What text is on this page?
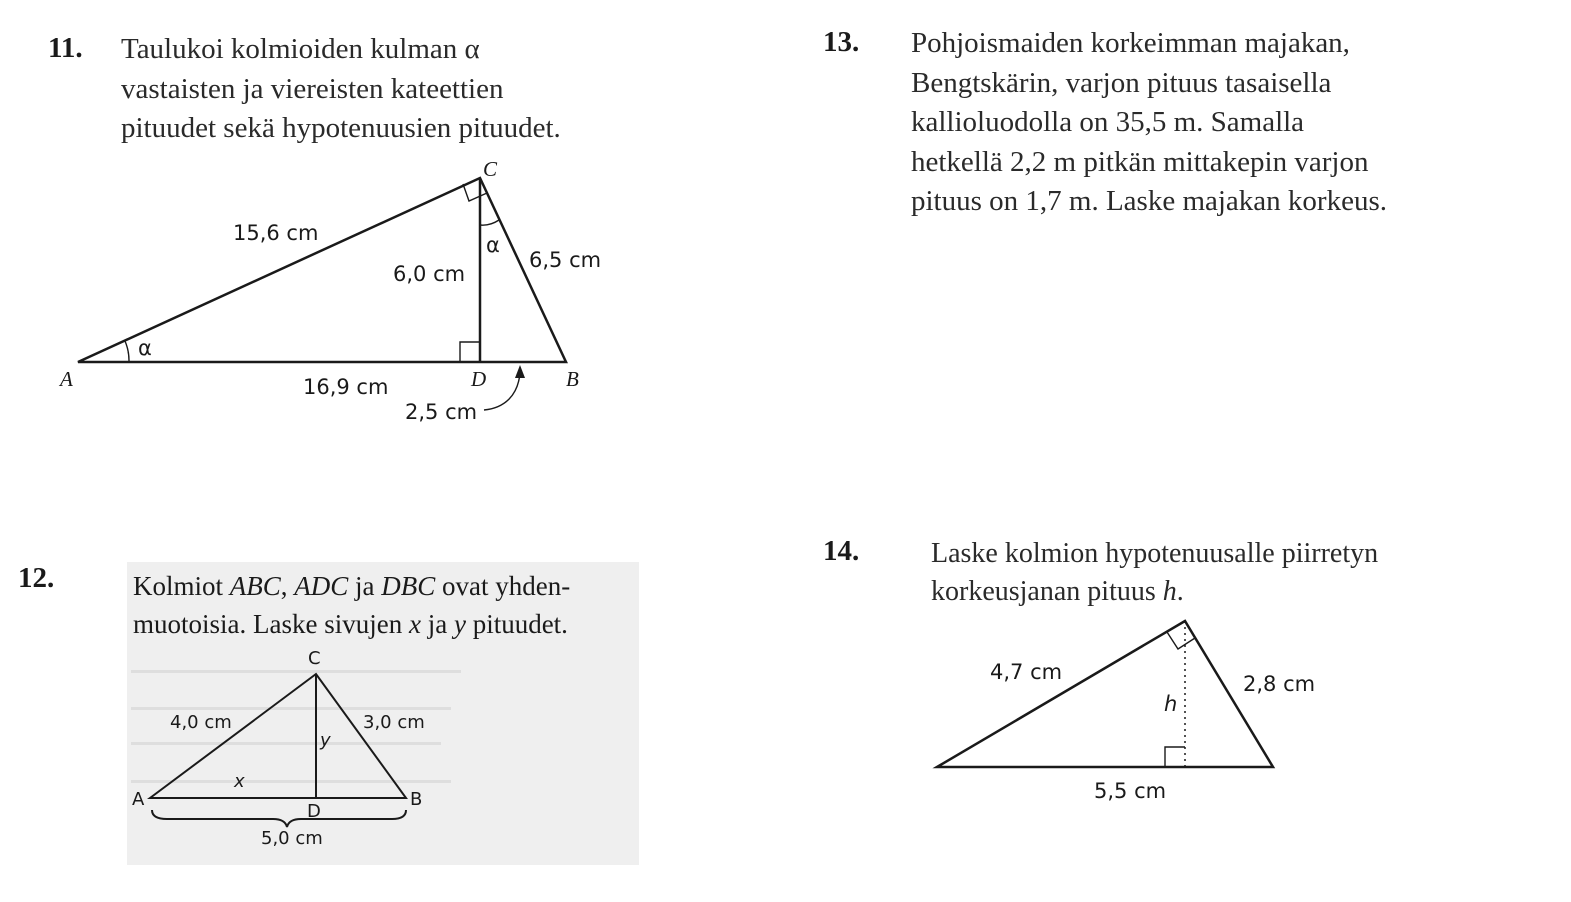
11. Taulukoi kolmioiden kulman α
vastaisten ja viereisten kateettien
pituudet sekä hypotenuusien pituudet.
A	B
C
D
α
α
15,6 cm
6,0 cm
6,5 cm
16,9 cm
2,5 cm
12.	Kolmiot ABC, ADC ja DBC ovat yhden-
muotoisia. Laske sivujen x ja y pituudet.
A	B
C
D
x
y
4,0 cm	3,0 cm
5,0 cm
13. Pohjoismaiden korkeimman majakan,
Bengtskärin, varjon pituus tasaisella
kallioluodolla on 35,5 m. Samalla
hetkellä 2,2 m pitkän mittakepin varjon
pituus on 1,7 m. Laske majakan korkeus.
14.	Laske kolmion hypotenuusalle piirretyn
korkeusjanan pituus h.
4,7 cm	2,8 cm
5,5 cm
h
